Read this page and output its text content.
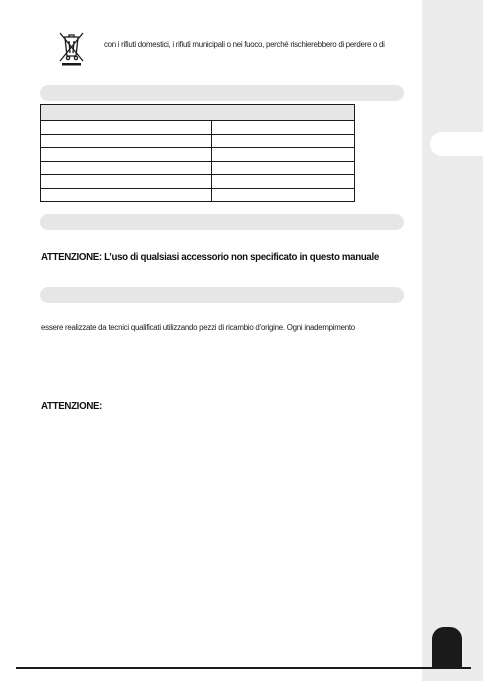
con i rifiuti domestici, i rifiuti municipali o nei fuoco, perché rischierebbero di perdere o di

ATTENZIONE: L’uso di qualsiasi accessorio non specificato in questo manuale
essere realizzate da tecnici qualificati utilizzando pezzi di ricambio d’origine. Ogni inadempimento
ATTENZIONE:
